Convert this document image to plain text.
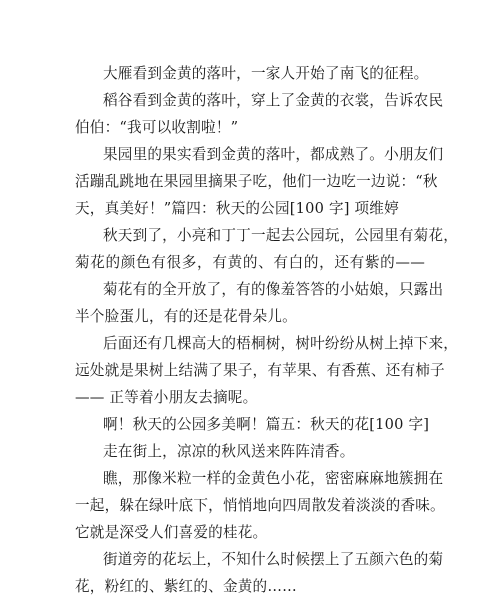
大雁看到金黄的落叶，一家人开始了南飞的征程。
稻谷看到金黄的落叶，穿上了金黄的衣裳，告诉农民
伯伯：“我可以收割啦！”
果园里的果实看到金黄的落叶，都成熟了。小朋友们
活蹦乱跳地在果园里摘果子吃，他们一边吃一边说：“秋
天，真美好！”篇四：秋天的公园[100 字] 项维婷
秋天到了，小亮和丁丁一起去公园玩，公园里有菊花，
菊花的颜色有很多，有黄的、有白的，还有紫的——
菊花有的全开放了，有的像羞答答的小姑娘，只露出
半个脸蛋儿，有的还是花骨朵儿。
后面还有几棵高大的梧桐树，树叶纷纷从树上掉下来，
远处就是果树上结满了果子，有苹果、有香蕉、还有柿子
—— 正等着小朋友去摘呢。
啊！秋天的公园多美啊！篇五：秋天的花[100 字]
走在街上，凉凉的秋风送来阵阵清香。
瞧，那像米粒一样的金黄色小花，密密麻麻地簇拥在
一起，躲在绿叶底下，悄悄地向四周散发着淡淡的香味。
它就是深受人们喜爱的桂花。
街道旁的花坛上，不知什么时候摆上了五颜六色的菊
花，粉红的、紫红的、金黄的……
